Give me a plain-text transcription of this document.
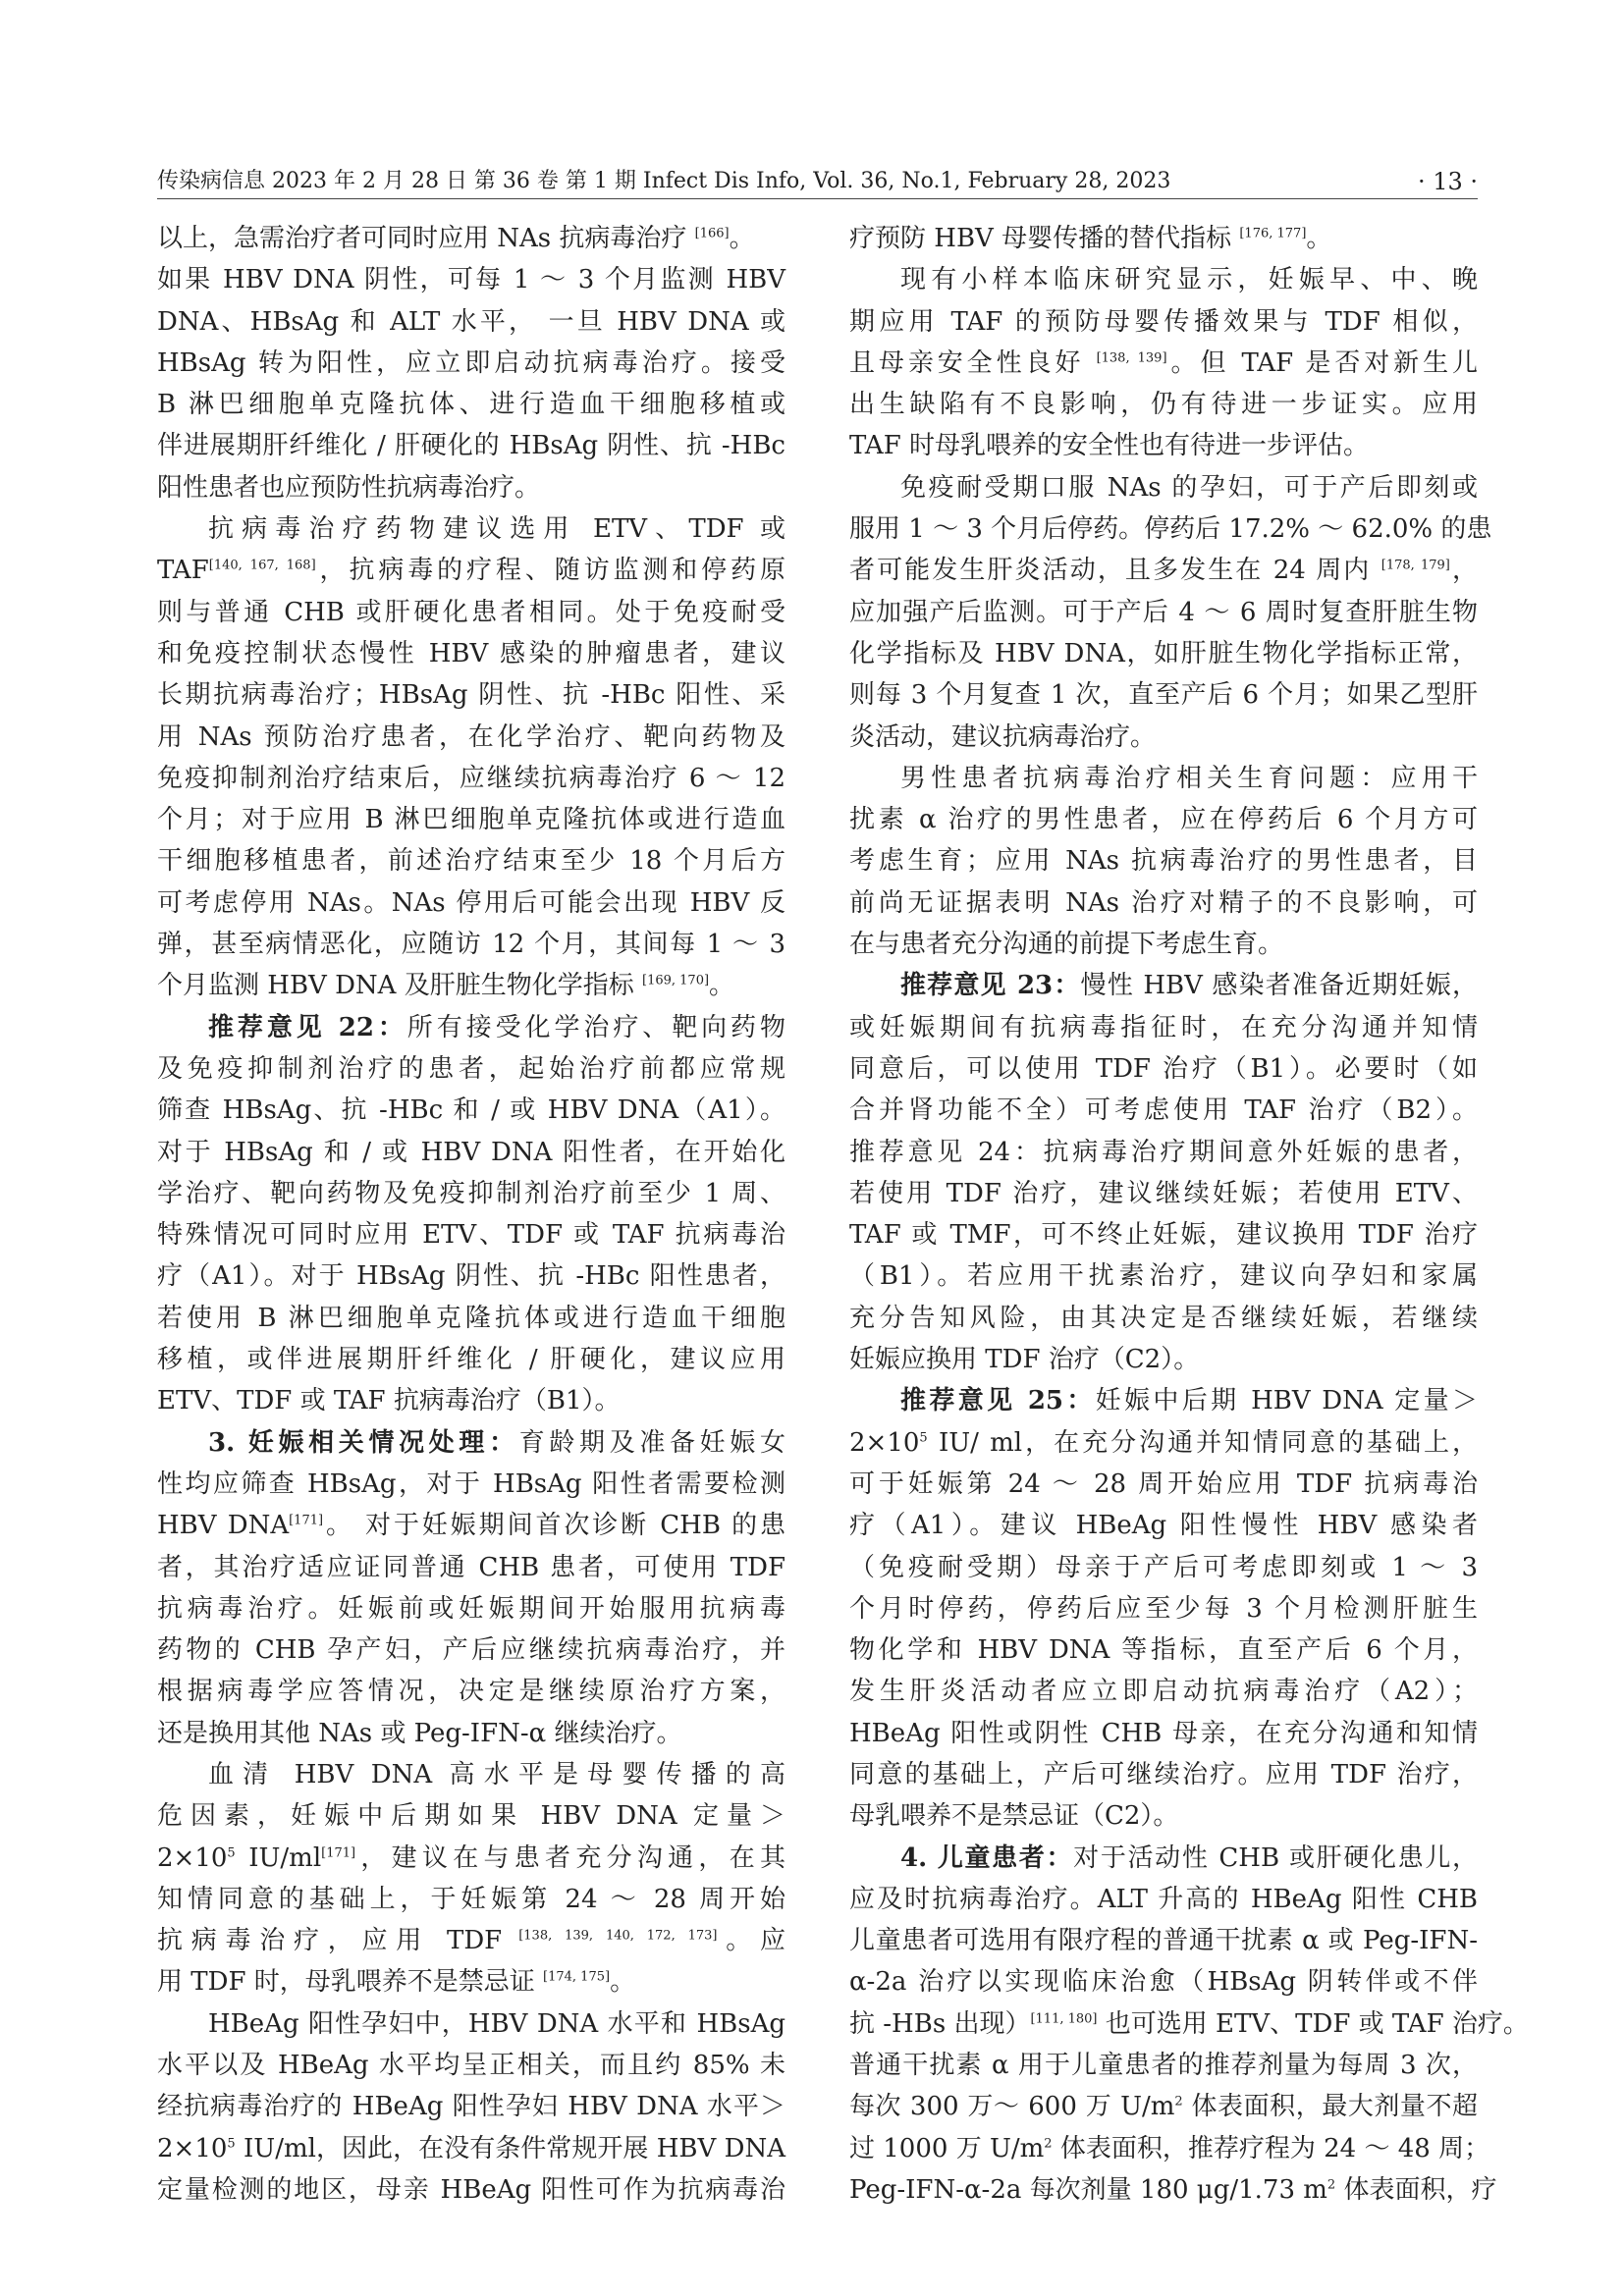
传染病信息 2023 年 2 月 28 日 第 36 卷 第 1 期 Infect Dis Info, Vol. 36, No.1, February 28, 2023	· 13 ·
以上，急需治疗者可同时应用 NAs 抗病毒治疗 [166]。
如果 HBV DNA 阴性，可每 1 ～ 3 个月监测 HBV
DNA、HBsAg 和 ALT 水平， 一旦 HBV DNA 或
HBsAg 转为阳性，应立即启动抗病毒治疗。接受
B 淋巴细胞单克隆抗体、进行造血干细胞移植或
伴进展期肝纤维化 / 肝硬化的 HBsAg 阴性、抗 -HBc
阳性患者也应预防性抗病毒治疗。
抗病毒治疗药物建议选用 ETV、TDF 或
TAF[140, 167, 168]，抗病毒的疗程、随访监测和停药原
则与普通 CHB 或肝硬化患者相同。处于免疫耐受
和免疫控制状态慢性 HBV 感染的肿瘤患者，建议
长期抗病毒治疗；HBsAg 阴性、抗 -HBc 阳性、采
用 NAs 预防治疗患者，在化学治疗、靶向药物及
免疫抑制剂治疗结束后，应继续抗病毒治疗 6 ～ 12
个月；对于应用 B 淋巴细胞单克隆抗体或进行造血
干细胞移植患者，前述治疗结束至少 18 个月后方
可考虑停用 NAs。NAs 停用后可能会出现 HBV 反
弹，甚至病情恶化，应随访 12 个月，其间每 1 ～ 3
个月监测 HBV DNA 及肝脏生物化学指标 [169, 170]。
推荐意见 22：所有接受化学治疗、靶向药物
及免疫抑制剂治疗的患者，起始治疗前都应常规
筛查 HBsAg、抗 -HBc 和 / 或 HBV DNA（A1）。
对于 HBsAg 和 / 或 HBV DNA 阳性者，在开始化
学治疗、靶向药物及免疫抑制剂治疗前至少 1 周、
特殊情况可同时应用 ETV、TDF 或 TAF 抗病毒治
疗（A1）。对于 HBsAg 阴性、抗 -HBc 阳性患者，
若使用 B 淋巴细胞单克隆抗体或进行造血干细胞
移植，或伴进展期肝纤维化 / 肝硬化，建议应用
ETV、TDF 或 TAF 抗病毒治疗（B1）。
3. 妊娠相关情况处理：育龄期及准备妊娠女
性均应筛查 HBsAg，对于 HBsAg 阳性者需要检测
HBV DNA[171]。 对于妊娠期间首次诊断 CHB 的患
者，其治疗适应证同普通 CHB 患者，可使用 TDF
抗病毒治疗。妊娠前或妊娠期间开始服用抗病毒
药物的 CHB 孕产妇，产后应继续抗病毒治疗，并
根据病毒学应答情况，决定是继续原治疗方案，
还是换用其他 NAs 或 Peg-IFN-α 继续治疗。
血清 HBV DNA 高水平是母婴传播的高
危因素，妊娠中后期如果 HBV DNA 定量＞
$2\times 10^5$ IU/ml[171]，建议在与患者充分沟通，在其
知情同意的基础上，于妊娠第 24 ～ 28 周开始
抗病毒治疗，应用 TDF [138, 139, 140, 172, 173]。应
用 TDF 时，母乳喂养不是禁忌证 [174, 175]。
HBeAg 阳性孕妇中，HBV DNA 水平和 HBsAg
水平以及 HBeAg 水平均呈正相关，而且约 85% 未
经抗病毒治疗的 HBeAg 阳性孕妇 HBV DNA 水平＞
$2\times 10^5$ IU/ml，因此，在没有条件常规开展 HBV DNA
定量检测的地区，母亲 HBeAg 阳性可作为抗病毒治
疗预防 HBV 母婴传播的替代指标 [176, 177]。
现有小样本临床研究显示，妊娠早、中、晚
期应用 TAF 的预防母婴传播效果与 TDF 相似，
且母亲安全性良好 [138, 139]。但 TAF 是否对新生儿
出生缺陷有不良影响，仍有待进一步证实。应用
TAF 时母乳喂养的安全性也有待进一步评估。
免疫耐受期口服 NAs 的孕妇，可于产后即刻或
服用 1 ～ 3 个月后停药。停药后 17.2% ～ 62.0% 的患
者可能发生肝炎活动，且多发生在 24 周内 [178, 179]，
应加强产后监测。可于产后 4 ～ 6 周时复查肝脏生物
化学指标及 HBV DNA，如肝脏生物化学指标正常，
则每 3 个月复查 1 次，直至产后 6 个月；如果乙型肝
炎活动，建议抗病毒治疗。
男性患者抗病毒治疗相关生育问题：应用干
扰素 α 治疗的男性患者，应在停药后 6 个月方可
考虑生育；应用 NAs 抗病毒治疗的男性患者，目
前尚无证据表明 NAs 治疗对精子的不良影响，可
在与患者充分沟通的前提下考虑生育。
推荐意见 23：慢性 HBV 感染者准备近期妊娠，
或妊娠期间有抗病毒指征时，在充分沟通并知情
同意后，可以使用 TDF 治疗（B1）。必要时（如
合并肾功能不全）可考虑使用 TAF 治疗（B2）。
推荐意见 24：抗病毒治疗期间意外妊娠的患者，
若使用 TDF 治疗，建议继续妊娠；若使用 ETV、
TAF 或 TMF，可不终止妊娠，建议换用 TDF 治疗
（B1）。若应用干扰素治疗，建议向孕妇和家属
充分告知风险，由其决定是否继续妊娠，若继续
妊娠应换用 TDF 治疗（C2）。
推荐意见 25：妊娠中后期 HBV DNA 定量＞
$2\times 10^5$ IU/ ml，在充分沟通并知情同意的基础上，
可于妊娠第 24 ～ 28 周开始应用 TDF 抗病毒治
疗（A1）。建议 HBeAg 阳性慢性 HBV 感染者
（免疫耐受期）母亲于产后可考虑即刻或 1 ～ 3
个月时停药，停药后应至少每 3 个月检测肝脏生
物化学和 HBV DNA 等指标，直至产后 6 个月，
发生肝炎活动者应立即启动抗病毒治疗（A2）；
HBeAg 阳性或阴性 CHB 母亲，在充分沟通和知情
同意的基础上，产后可继续治疗。应用 TDF 治疗，
母乳喂养不是禁忌证（C2）。
4. 儿童患者：对于活动性 CHB 或肝硬化患儿，
应及时抗病毒治疗。ALT 升高的 HBeAg 阳性 CHB
儿童患者可选用有限疗程的普通干扰素 α 或 Peg-IFN-
α-2a 治疗以实现临床治愈（HBsAg 阴转伴或不伴
抗 -HBs 出现）[111, 180] 也可选用 ETV、TDF 或 TAF 治疗。
普通干扰素 α 用于儿童患者的推荐剂量为每周 3 次，
每次 300 万～ 600 万 $U/m^2$ 体表面积，最大剂量不超
过 1000 万 $U/m^2$ 体表面积，推荐疗程为 24 ～ 48 周；
Peg-IFN-α-2a 每次剂量 180 μg/1.73 $m^2$ 体表面积，疗
